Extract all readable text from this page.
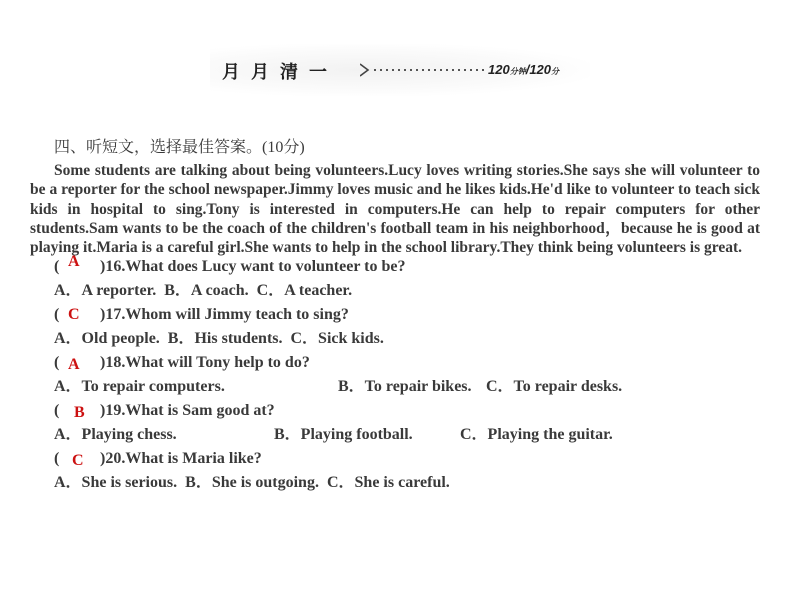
月月清一	120分钟/120分
四、听短文，选择最佳答案。(10分)
Some students are talking about being volunteers.Lucy loves writing stories.She says she will volunteer to be a reporter for the school newspaper.Jimmy loves music and he likes kids.He'd like to volunteer to teach sick kids in hospital to sing.Tony is interested in computers.He can help to repair computers for other students.Sam wants to be the coach of the children's football team in his neighborhood，because he is good at playing it.Maria is a careful girl.She wants to help in the school library.They think being volunteers is great.
( A )16.What does Lucy want to volunteer to be?
A．A reporter. B．A coach. C．A teacher.
( C )17.Whom will Jimmy teach to sing?
A．Old people. B．His students. C．Sick kids.
( A )18.What will Tony help to do?
A．To repair computers.	B．To repair bikes. C．To repair desks.
( B )19.What is Sam good at?
A．Playing chess.	B．Playing football.	C．Playing the guitar.
( C )20.What is Maria like?
A．She is serious. B．She is outgoing. C．She is careful.
